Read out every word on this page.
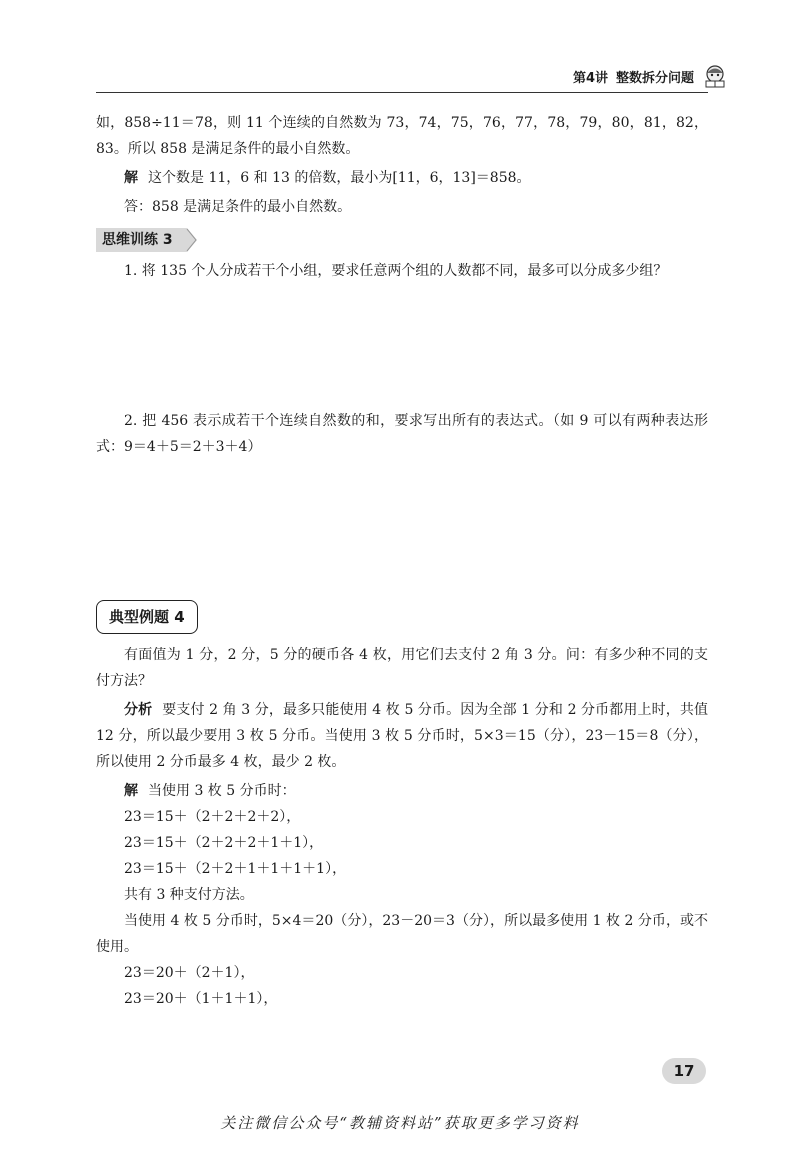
第4讲 整数拆分问题

如，858÷11＝78，则 11 个连续的自然数为 73，74，75，76，77，78，79，80，81，82，83。所以 858 是满足条件的最小自然数。

解 这个数是 11，6 和 13 的倍数，最小为[11，6，13]＝858。

答：858 是满足条件的最小自然数。

思维训练 3

1. 将 135 个人分成若干个小组，要求任意两个组的人数都不同，最多可以分成多少组？

2. 把 456 表示成若干个连续自然数的和，要求写出所有的表达式。（如 9 可以有两种表达形式：9＝4＋5＝2＋3＋4）

典型例题 4

有面值为 1 分，2 分，5 分的硬币各 4 枚，用它们去支付 2 角 3 分。问：有多少种不同的支付方法？

分析 要支付 2 角 3 分，最多只能使用 4 枚 5 分币。因为全部 1 分和 2 分币都用上时，共值 12 分，所以最少要用 3 枚 5 分币。当使用 3 枚 5 分币时，5×3＝15（分），23－15＝8（分），所以使用 2 分币最多 4 枚，最少 2 枚。

解 当使用 3 枚 5 分币时：

23＝15＋（2＋2＋2＋2），

23＝15＋（2＋2＋2＋1＋1），

23＝15＋（2＋2＋1＋1＋1＋1），

共有 3 种支付方法。

当使用 4 枚 5 分币时，5×4＝20（分），23－20＝3（分），所以最多使用 1 枚 2 分币，或不使用。

23＝20＋（2＋1），

23＝20＋（1＋1＋1），

17
关注微信公众号“教辅资料站”获取更多学习资料
